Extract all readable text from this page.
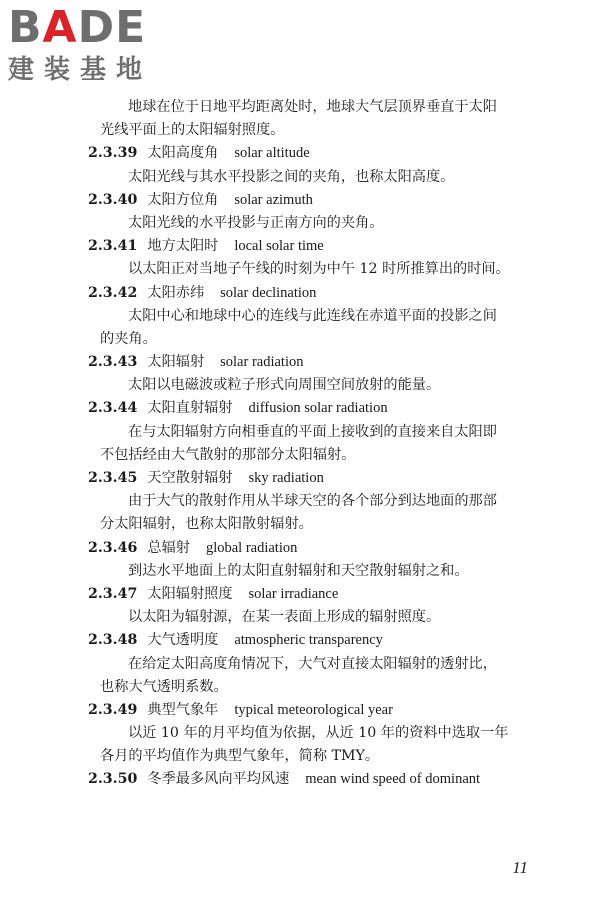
BADE
建装基地
地球在位于日地平均距离处时，地球大气层顶界垂直于太阳
光线平面上的太阳辐射照度。
2.3.39 太阳高度角 solar altitude
太阳光线与其水平投影之间的夹角，也称太阳高度。
2.3.40 太阳方位角 solar azimuth
太阳光线的水平投影与正南方向的夹角。
2.3.41 地方太阳时 local solar time
以太阳正对当地子午线的时刻为中午 12 时所推算出的时间。
2.3.42 太阳赤纬 solar declination
太阳中心和地球中心的连线与此连线在赤道平面的投影之间
的夹角。
2.3.43 太阳辐射 solar radiation
太阳以电磁波或粒子形式向周围空间放射的能量。
2.3.44 太阳直射辐射 diffusion solar radiation
在与太阳辐射方向相垂直的平面上接收到的直接来自太阳即
不包括经由大气散射的那部分太阳辐射。
2.3.45 天空散射辐射 sky radiation
由于大气的散射作用从半球天空的各个部分到达地面的那部
分太阳辐射，也称太阳散射辐射。
2.3.46 总辐射 global radiation
到达水平地面上的太阳直射辐射和天空散射辐射之和。
2.3.47 太阳辐射照度 solar irradiance
以太阳为辐射源，在某一表面上形成的辐射照度。
2.3.48 大气透明度 atmospheric transparency
在给定太阳高度角情况下，大气对直接太阳辐射的透射比，
也称大气透明系数。
2.3.49 典型气象年 typical meteorological year
以近 10 年的月平均值为依据，从近 10 年的资料中选取一年
各月的平均值作为典型气象年，简称 TMY。
2.3.50 冬季最多风向平均风速 mean wind speed of dominant
11
